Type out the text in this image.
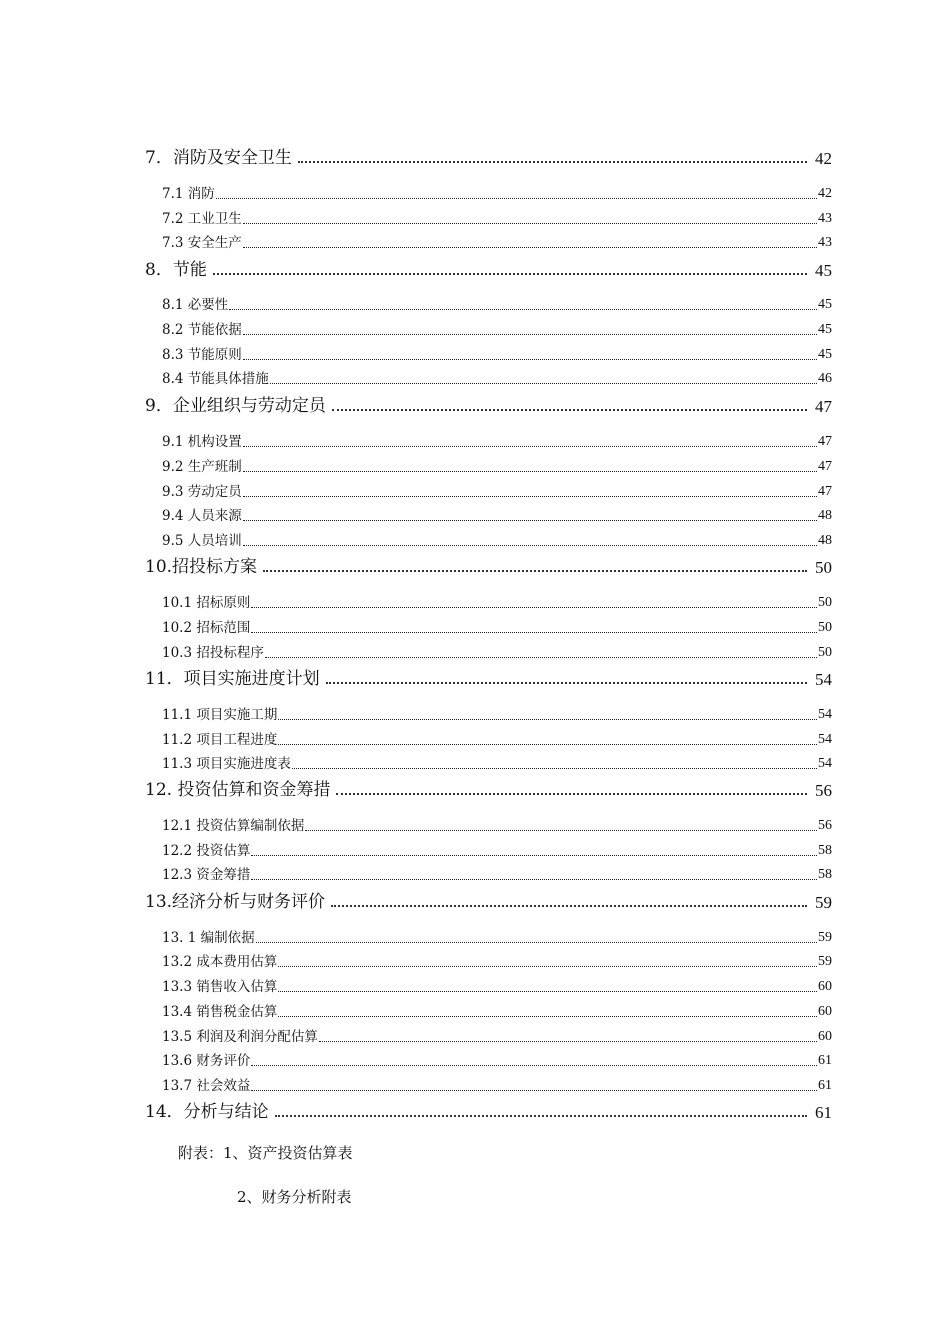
7．消防及安全卫生	42
7.1 消防	42
7.2 工业卫生	43
7.3 安全生产	43
8．节能	45
8.1 必要性	45
8.2 节能依据	45
8.3 节能原则	45
8.4 节能具体措施	46
9．企业组织与劳动定员	47
9.1 机构设置	47
9.2 生产班制	47
9.3 劳动定员	47
9.4 人员来源	48
9.5 人员培训	48
10.招投标方案	50
10.1 招标原则	50
10.2 招标范围	50
10.3 招投标程序	50
11．项目实施进度计划	54
11.1 项目实施工期	54
11.2 项目工程进度	54
11.3 项目实施进度表	54
12. 投资估算和资金筹措	56
12.1 投资估算编制依据	56
12.2 投资估算	58
12.3 资金筹措	58
13.经济分析与财务评价	59
13. 1 编制依据	59
13.2 成本费用估算	59
13.3 销售收入估算	60
13.4 销售税金估算	60
13.5 利润及利润分配估算	60
13.6 财务评价	61
13.7 社会效益	61
14．分析与结论	61
附表：1、资产投资估算表
2、财务分析附表
